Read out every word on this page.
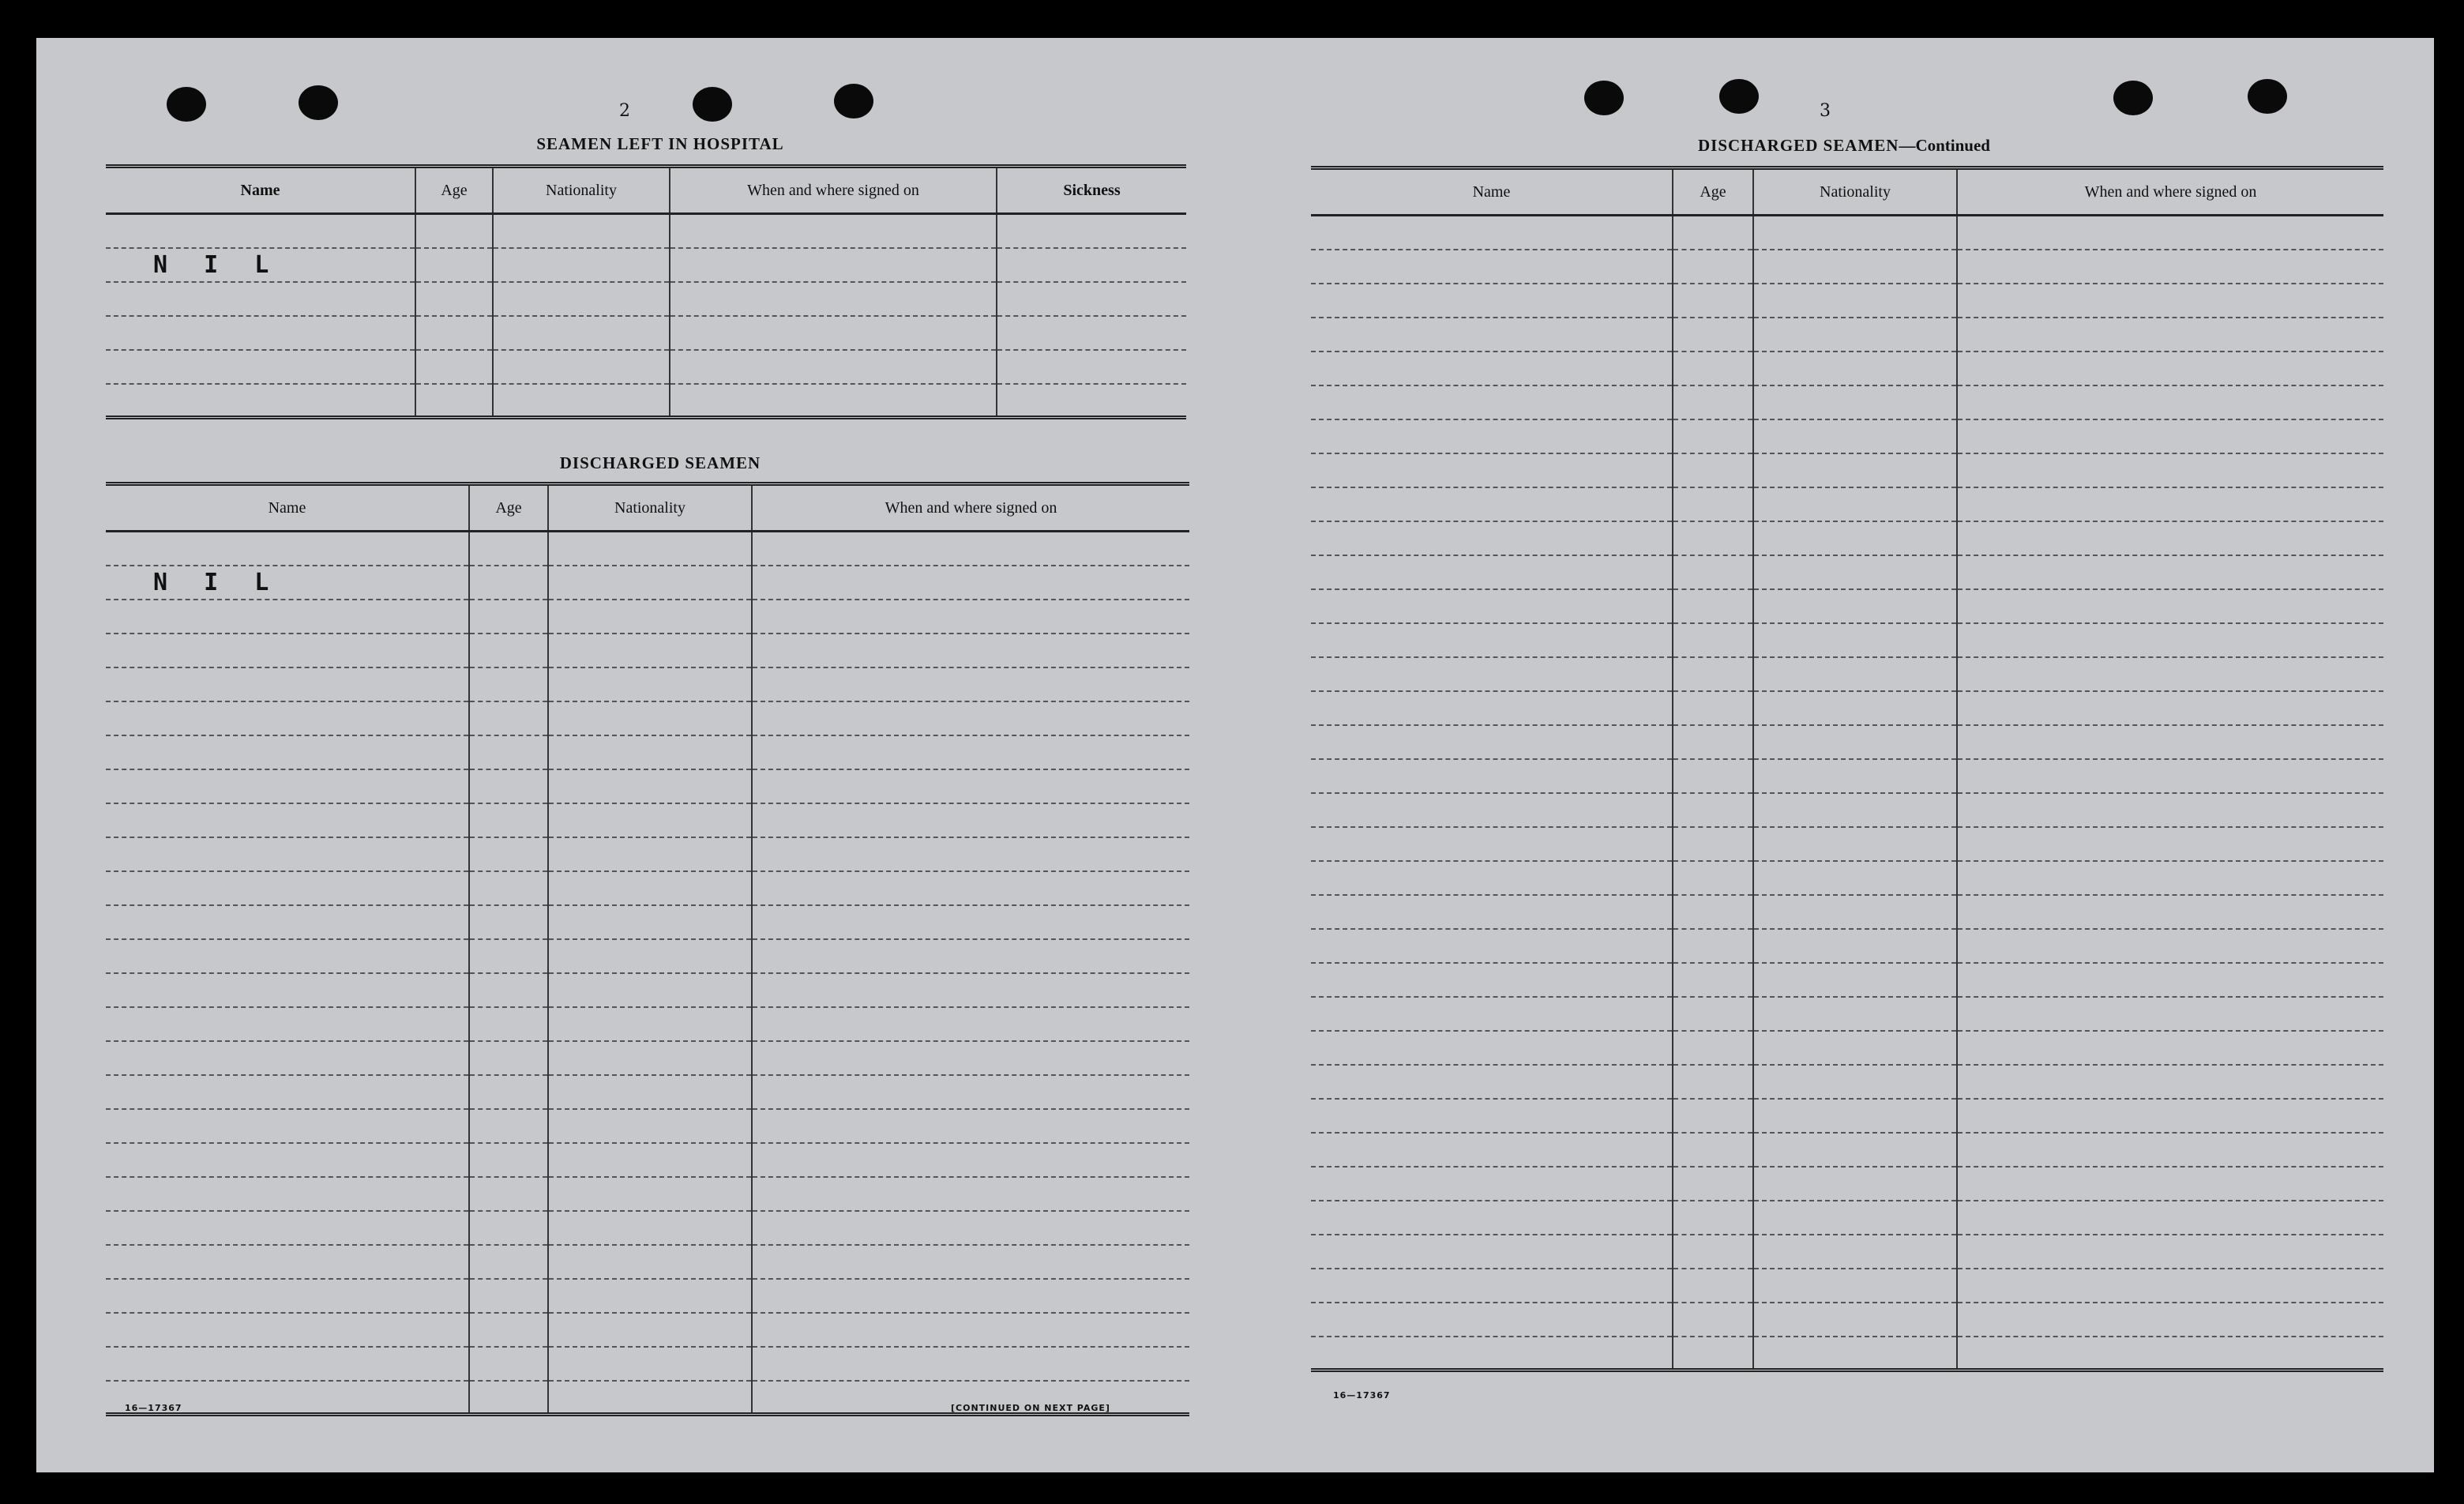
2
SEAMEN LEFT IN HOSPITAL
Name	Age	Nationality	When and where signed on	Sickness

N I L				

DISCHARGED SEAMEN
Name	Age	Nationality	When and where signed on

N I L			

16—17367	[CONTINUED ON NEXT PAGE]
3
DISCHARGED SEAMEN—Continued
Name	Age	Nationality	When and where signed on

16—17367
